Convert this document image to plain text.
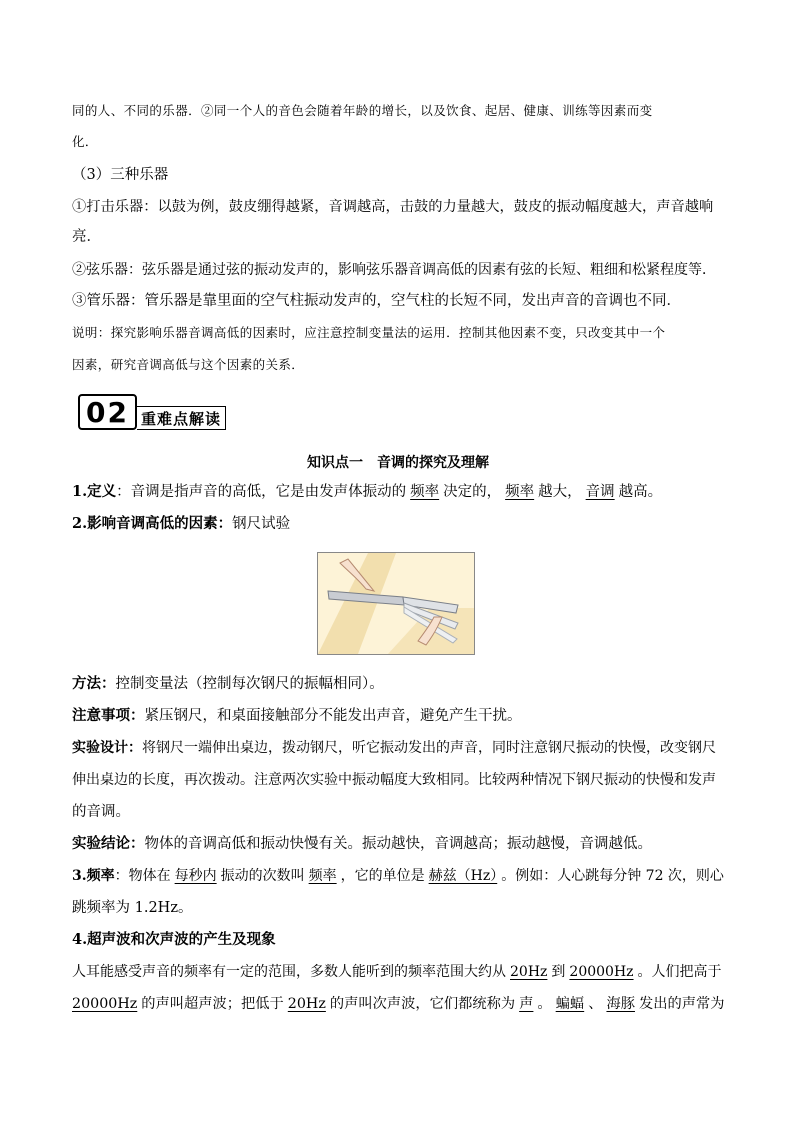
同的人、不同的乐器．②同一个人的音色会随着年龄的增长，以及饮食、起居、健康、训练等因素而变
化．
（3）三种乐器
①打击乐器：以鼓为例，鼓皮绷得越紧，音调越高，击鼓的力量越大，鼓皮的振动幅度越大，声音越响
亮．
②弦乐器：弦乐器是通过弦的振动发声的，影响弦乐器音调高低的因素有弦的长短、粗细和松紧程度等．
③管乐器：管乐器是靠里面的空气柱振动发声的，空气柱的长短不同，发出声音的音调也不同．
说明：探究影响乐器音调高低的因素时，应注意控制变量法的运用．控制其他因素不变，只改变其中一个
因素，研究音调高低与这个因素的关系．
02 重难点解读
知识点一　音调的探究及理解
1.定义：音调是指声音的高低，它是由发声体振动的 频率 决定的， 频率 越大， 音调 越高。
2.影响音调高低的因素：钢尺试验
方法：控制变量法（控制每次钢尺的振幅相同）。
注意事项：紧压钢尺，和桌面接触部分不能发出声音，避免产生干扰。
实验设计：将钢尺一端伸出桌边，拨动钢尺，听它振动发出的声音，同时注意钢尺振动的快慢，改变钢尺
伸出桌边的长度，再次拨动。注意两次实验中振动幅度大致相同。比较两种情况下钢尺振动的快慢和发声
的音调。
实验结论：物体的音调高低和振动快慢有关。振动越快，音调越高；振动越慢，音调越低。
3.频率：物体在 每秒内 振动的次数叫 频率 ，它的单位是 赫兹（Hz） 。例如：人心跳每分钟 72 次，则心
跳频率为 1.2Hz。
4.超声波和次声波的产生及现象
人耳能感受声音的频率有一定的范围，多数人能听到的频率范围大约从 20Hz 到 20000Hz 。人们把高于
20000Hz 的声叫超声波；把低于 20Hz 的声叫次声波，它们都统称为 声 。 蝙蝠 、 海豚 发出的声常为
